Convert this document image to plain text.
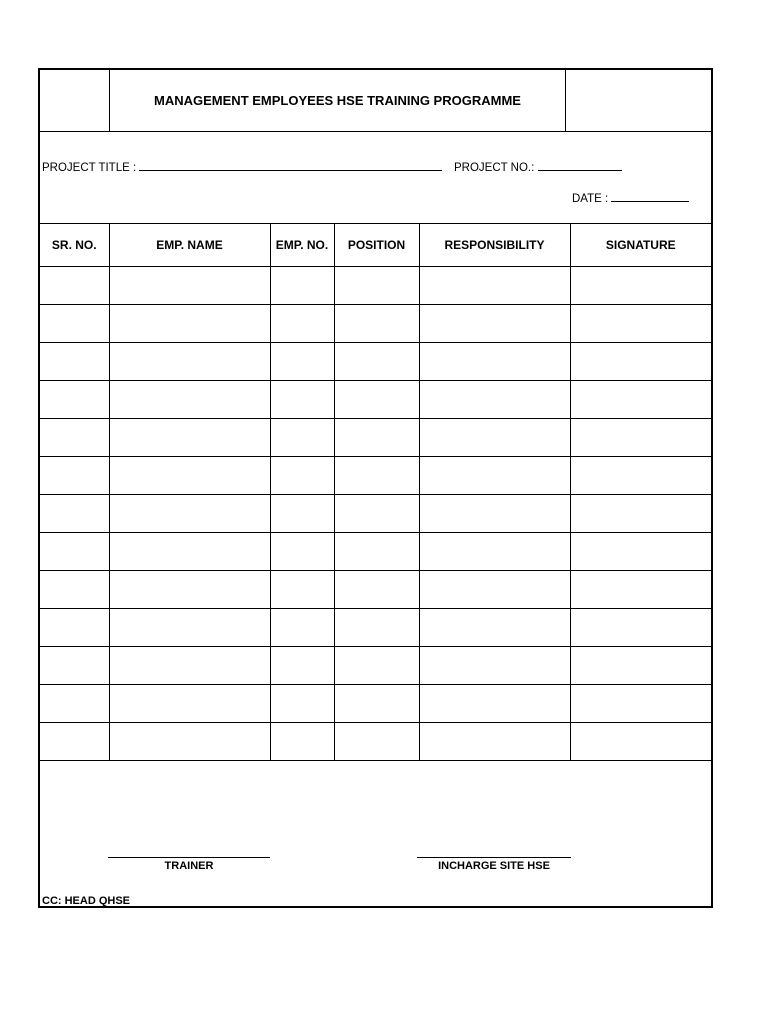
MANAGEMENT EMPLOYEES HSE TRAINING PROGRAMME
PROJECT TITLE :	PROJECT NO.:
DATE :
SR. NO.	EMP. NAME	EMP. NO.	POSITION	RESPONSIBILITY	SIGNATURE

TRAINER	INCHARGE SITE HSE
CC: HEAD QHSE
